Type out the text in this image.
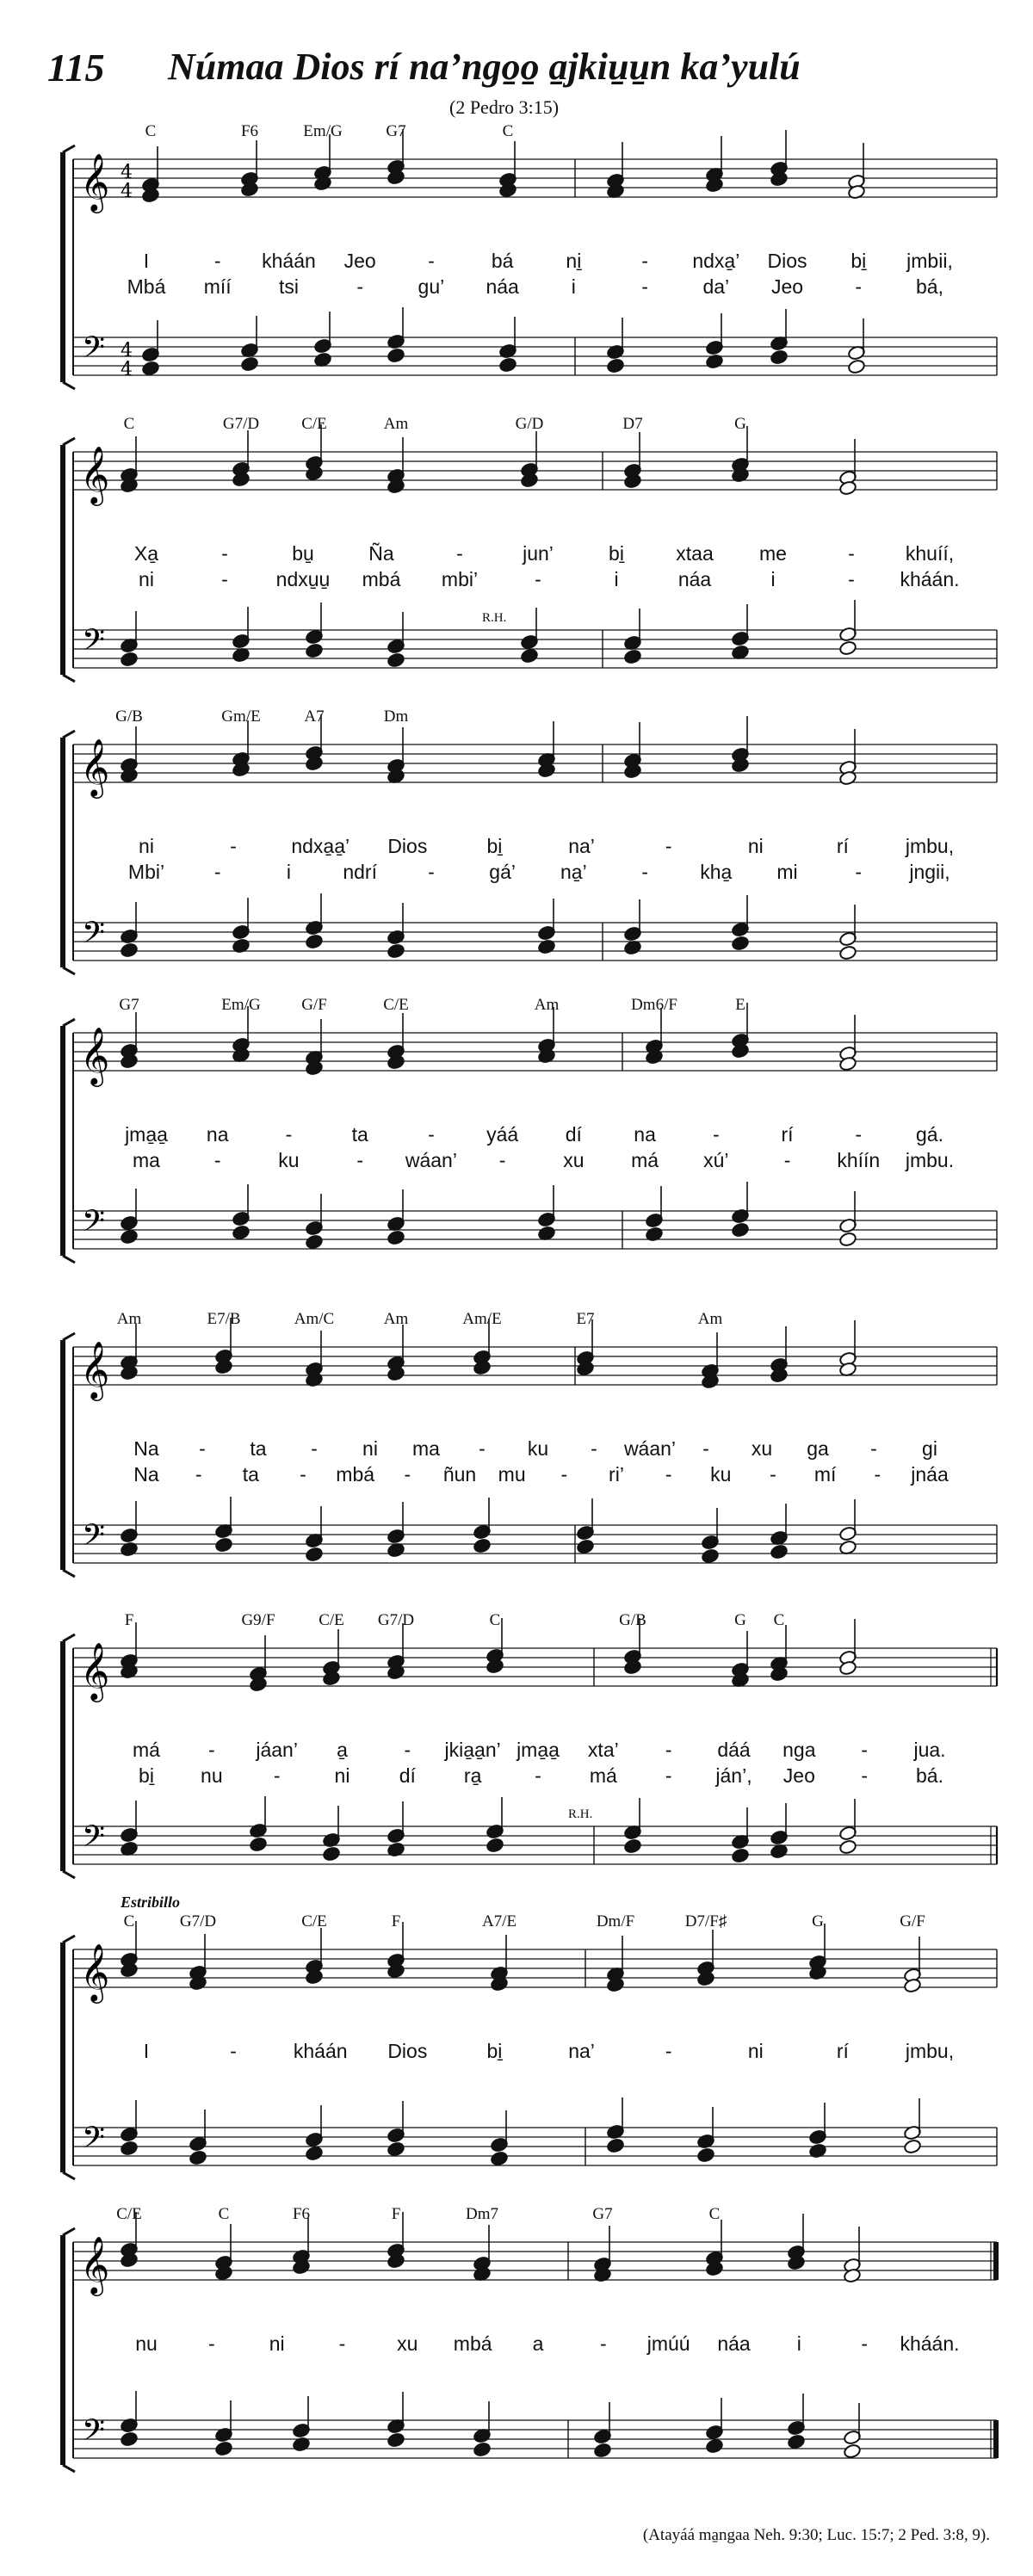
115 Númaa Dios rí na’ngo̱o̱ a̱jkiu̱u̱n ka’yulú
(2 Pedro 3:15)
𝄞
𝄢
4
4
4
4
C	F6	Em/G	G7	C
I	- kháán Jeo	-	bá	ni̱	- ndxa̱’ Dios bi̱ jmbii,
Mbá míí tsi	-	gu’ náa	i	-	da’ Jeo	-	bá,
𝄞
𝄢
C	G7/D	C/E	Am	G/D	D7	G
R.H.
Xa̱	-	bu̱	Ña	-	jun’	bi̱	xtaa me	-	khuíí,
ni	- ndxu̱u̱ mbá mbi’	-	i	náa	i	- kháán.
𝄞
𝄢
G/B	Gm/E	A7	Dm
ni	-	ndxa̱a̱’ Dios	bi̱	na’	-	ni	rí	jmbu,
Mbi’	-	i	ndrí	-	gá’ na̱’	-	kha̱ mi	- jngii,
𝄞
𝄢
G7	Em/G	G/F	C/E	Am	Dm6/F	E
jma̱a̱ na	-	ta	-	yáá dí	na	-	rí	-	gá.
ma	-	ku	- wáan’ -	xu má xú’	- khíín jmbu.
𝄞
𝄢
Am	E7/B	Am/C	Am	Am/E	E7	Am
Na - ta - ni ma - ku - wáan’ - xu ga - gi
Na - ta - mbá - ñun mu - ri’ - ku - mí - jnáa
𝄞
𝄢
F	G9/F	C/E G7/D	C	G/B	G C
R.H.
má - jáan’ a̱	- jkia̱a̱n’ jma̱a̱ xta’ - dáá nga - jua.
bi̱ nu	-	ni dí ra̱	- má - ján’, Jeo - bá.
𝄞
𝄢
C	G7/D	C/E	F	A7/E	Dm/F	D7/F♯	G	G/F
Estribillo
I	-	kháán Dios	bi̱	na’	-	ni	rí	jmbu,
𝄞
𝄢
C/E	C	F6	F	Dm7	G7	C
nu	-	ni	-	xu mbá a	- jmúú náa i	- kháán.
(Atayáá ma̱ngaa Neh. 9:30; Luc. 15:7; 2 Ped. 3:8, 9).
